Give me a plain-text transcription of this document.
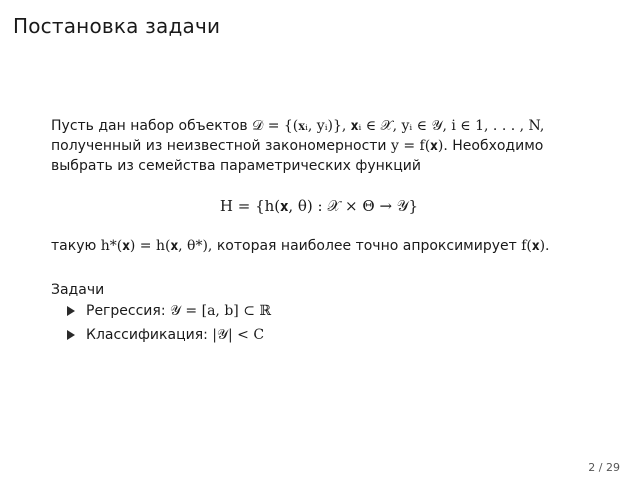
Постановка задачи
Пусть дан набор объектов 𝒟 = {(𝐱ᵢ, yᵢ)}, 𝐱ᵢ ∈ 𝒳, yᵢ ∈ 𝒴, i ∈ 1, . . . , N,
полученный из неизвестной закономерности y = f(𝐱). Необходимо
выбрать из семейства параметрических функций
H = {h(𝐱, θ) : 𝒳 × Θ → 𝒴}
такую h*(𝐱) = h(𝐱, θ*), которая наиболее точно апроксимирует f(𝐱).
Задачи
Регрессия: 𝒴 = [a, b] ⊂ ℝ
Классификация: |𝒴| < C
2 / 29
